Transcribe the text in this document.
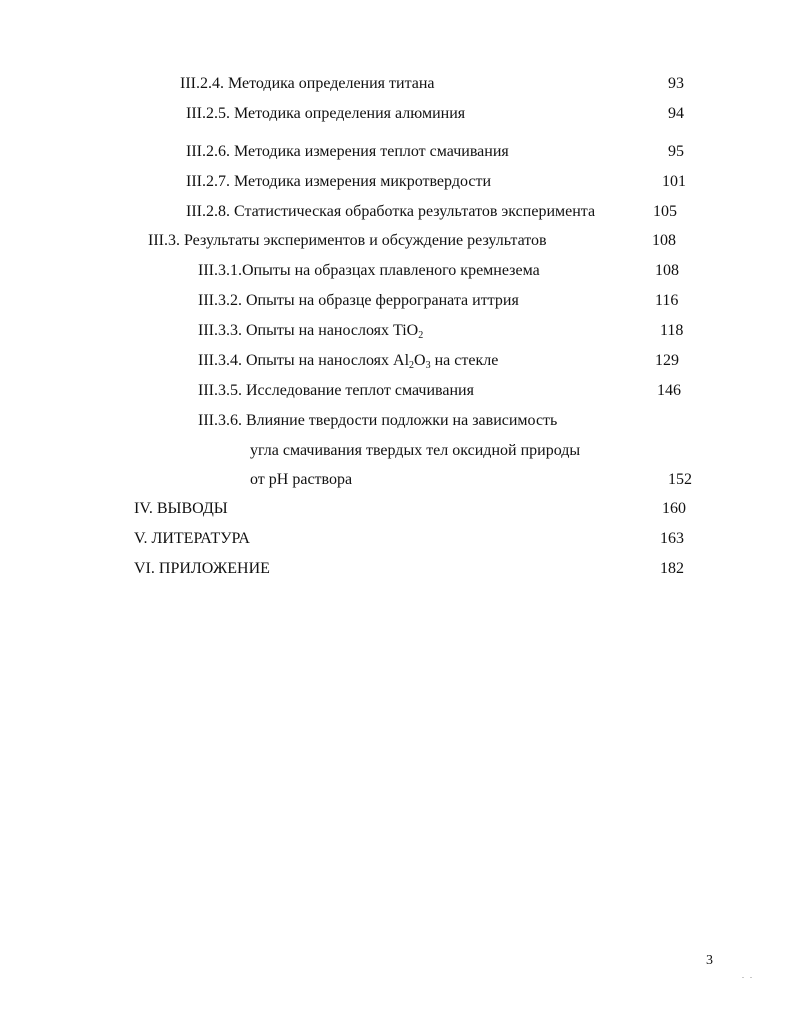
III.2.4. Методика определения титана	93
III.2.5. Методика определения алюминия	94
III.2.6. Методика измерения теплот смачивания	95
III.2.7. Методика измерения микротвердости	101
III.2.8. Статистическая обработка результатов эксперимента	105
III.3. Результаты экспериментов и обсуждение результатов	108
III.3.1.Опыты на образцах плавленого кремнезема	108
III.3.2. Опыты на образце феррограната иттрия	116
III.3.3. Опыты на нанослоях TiO$_2$	118
III.3.4. Опыты на нанослоях $Al_2O_3$ на стекле	129
III.3.5. Исследование теплот смачивания	146
III.3.6. Влияние твердости подложки на зависимость
угла смачивания твердых тел оксидной природы
от pH раствора	152
IV. ВЫВОДЫ	160
V. ЛИТЕРАТУРА	163
VI. ПРИЛОЖЕНИЕ	182
3
